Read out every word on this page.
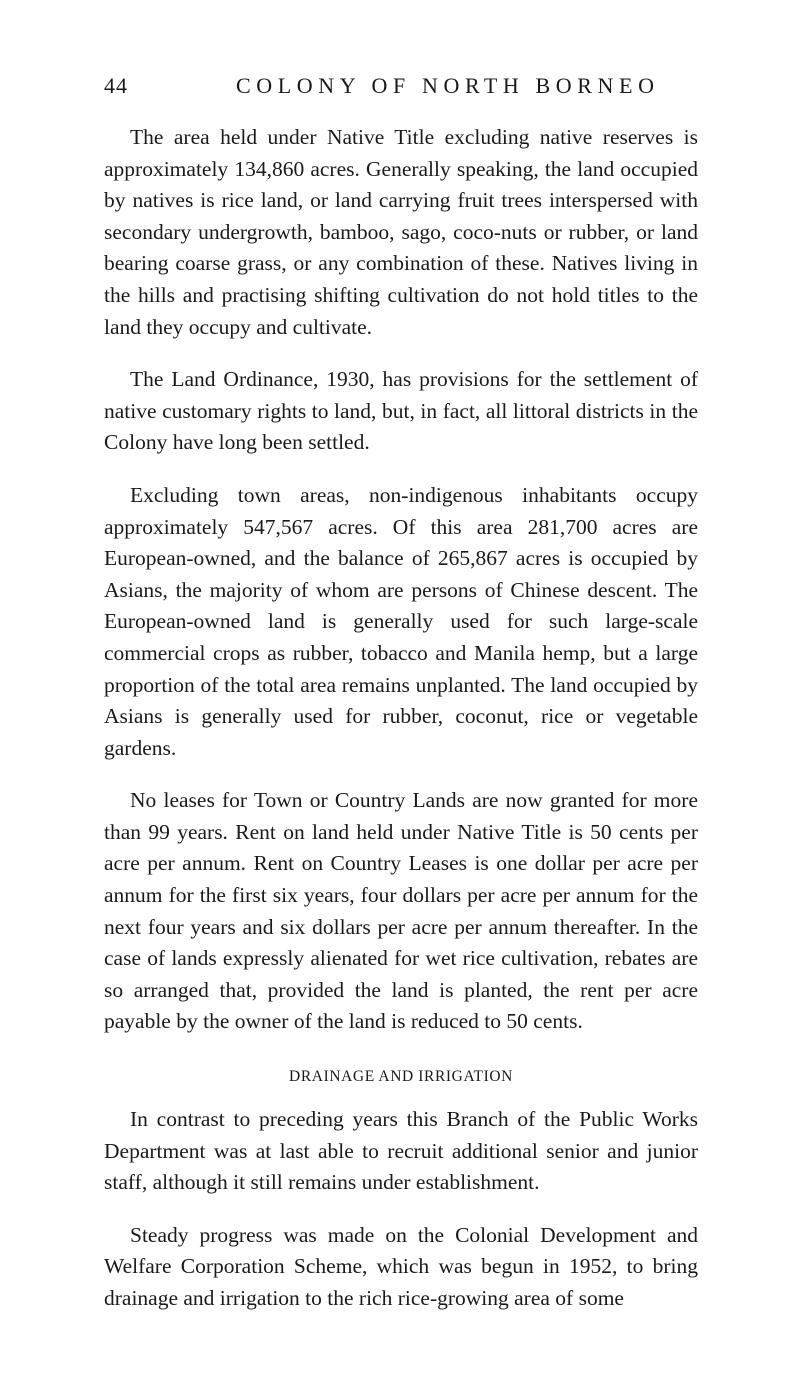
44	COLONY OF NORTH BORNEO

The area held under Native Title excluding native reserves is approximately 134,860 acres. Generally speaking, the land occupied by natives is rice land, or land carrying fruit trees interspersed with secondary undergrowth, bamboo, sago, coco-nuts or rubber, or land bearing coarse grass, or any combination of these. Natives living in the hills and practising shifting cultivation do not hold titles to the land they occupy and cultivate.

The Land Ordinance, 1930, has provisions for the settlement of native customary rights to land, but, in fact, all littoral districts in the Colony have long been settled.

Excluding town areas, non-indigenous inhabitants occupy approximately 547,567 acres. Of this area 281,700 acres are European-owned, and the balance of 265,867 acres is occupied by Asians, the majority of whom are persons of Chinese descent. The European-owned land is generally used for such large-scale commercial crops as rubber, tobacco and Manila hemp, but a large proportion of the total area remains unplanted. The land occupied by Asians is generally used for rubber, coconut, rice or vegetable gardens.

No leases for Town or Country Lands are now granted for more than 99 years. Rent on land held under Native Title is 50 cents per acre per annum. Rent on Country Leases is one dollar per acre per annum for the first six years, four dollars per acre per annum for the next four years and six dollars per acre per annum thereafter. In the case of lands expressly alienated for wet rice cultivation, rebates are so arranged that, provided the land is planted, the rent per acre payable by the owner of the land is reduced to 50 cents.

DRAINAGE AND IRRIGATION

In contrast to preceding years this Branch of the Public Works Department was at last able to recruit additional senior and junior staff, although it still remains under establishment.

Steady progress was made on the Colonial Development and Welfare Corporation Scheme, which was begun in 1952, to bring drainage and irrigation to the rich rice-growing area of some
